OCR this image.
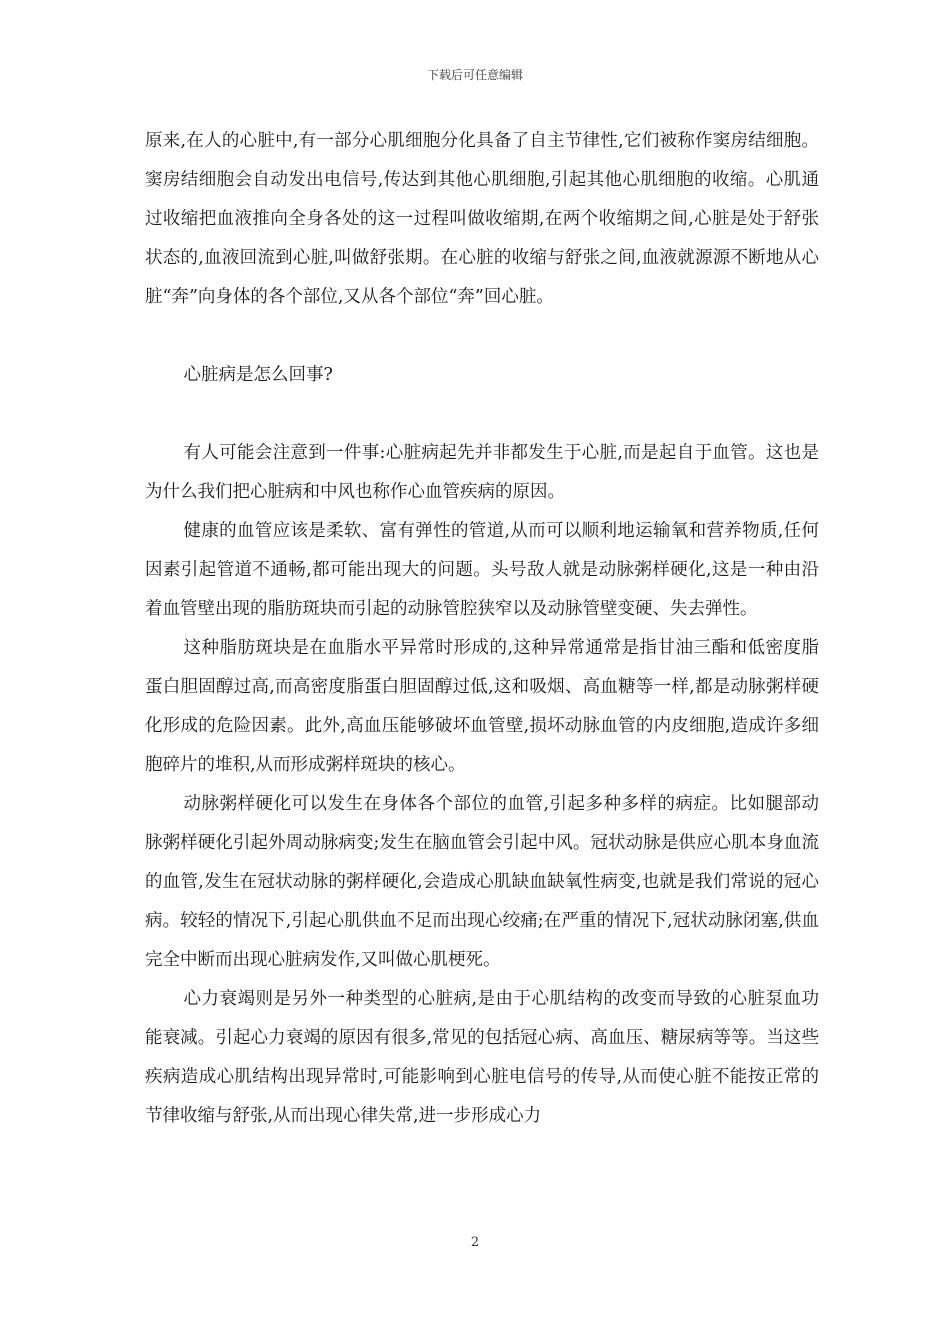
下载后可任意编辑

原来,在人的心脏中,有一部分心肌细胞分化具备了自主节律性,它们被称作窦房结细胞。窦房结细胞会自动发出电信号,传达到其他心肌细胞,引起其他心肌细胞的收缩。心肌通过收缩把血液推向全身各处的这一过程叫做收缩期,在两个收缩期之间,心脏是处于舒张状态的,血液回流到心脏,叫做舒张期。在心脏的收缩与舒张之间,血液就源源不断地从心脏“奔”向身体的各个部位,又从各个部位“奔”回心脏。

心脏病是怎么回事?

有人可能会注意到一件事:心脏病起先并非都发生于心脏,而是起自于血管。这也是为什么我们把心脏病和中风也称作心血管疾病的原因。

健康的血管应该是柔软、富有弹性的管道,从而可以顺利地运输氧和营养物质,任何因素引起管道不通畅,都可能出现大的问题。头号敌人就是动脉粥样硬化,这是一种由沿着血管壁出现的脂肪斑块而引起的动脉管腔狭窄以及动脉管壁变硬、失去弹性。

这种脂肪斑块是在血脂水平异常时形成的,这种异常通常是指甘油三酯和低密度脂蛋白胆固醇过高,而高密度脂蛋白胆固醇过低,这和吸烟、高血糖等一样,都是动脉粥样硬化形成的危险因素。此外,高血压能够破坏血管壁,损坏动脉血管的内皮细胞,造成许多细胞碎片的堆积,从而形成粥样斑块的核心。

动脉粥样硬化可以发生在身体各个部位的血管,引起多种多样的病症。比如腿部动脉粥样硬化引起外周动脉病变;发生在脑血管会引起中风。冠状动脉是供应心肌本身血流的血管,发生在冠状动脉的粥样硬化,会造成心肌缺血缺氧性病变,也就是我们常说的冠心病。较轻的情况下,引起心肌供血不足而出现心绞痛;在严重的情况下,冠状动脉闭塞,供血完全中断而出现心脏病发作,又叫做心肌梗死。

心力衰竭则是另外一种类型的心脏病,是由于心肌结构的改变而导致的心脏泵血功能衰减。引起心力衰竭的原因有很多,常见的包括冠心病、高血压、糖尿病等等。当这些疾病造成心肌结构出现异常时,可能影响到心脏电信号的传导,从而使心脏不能按正常的节律收缩与舒张,从而出现心律失常,进一步形成心力

2
